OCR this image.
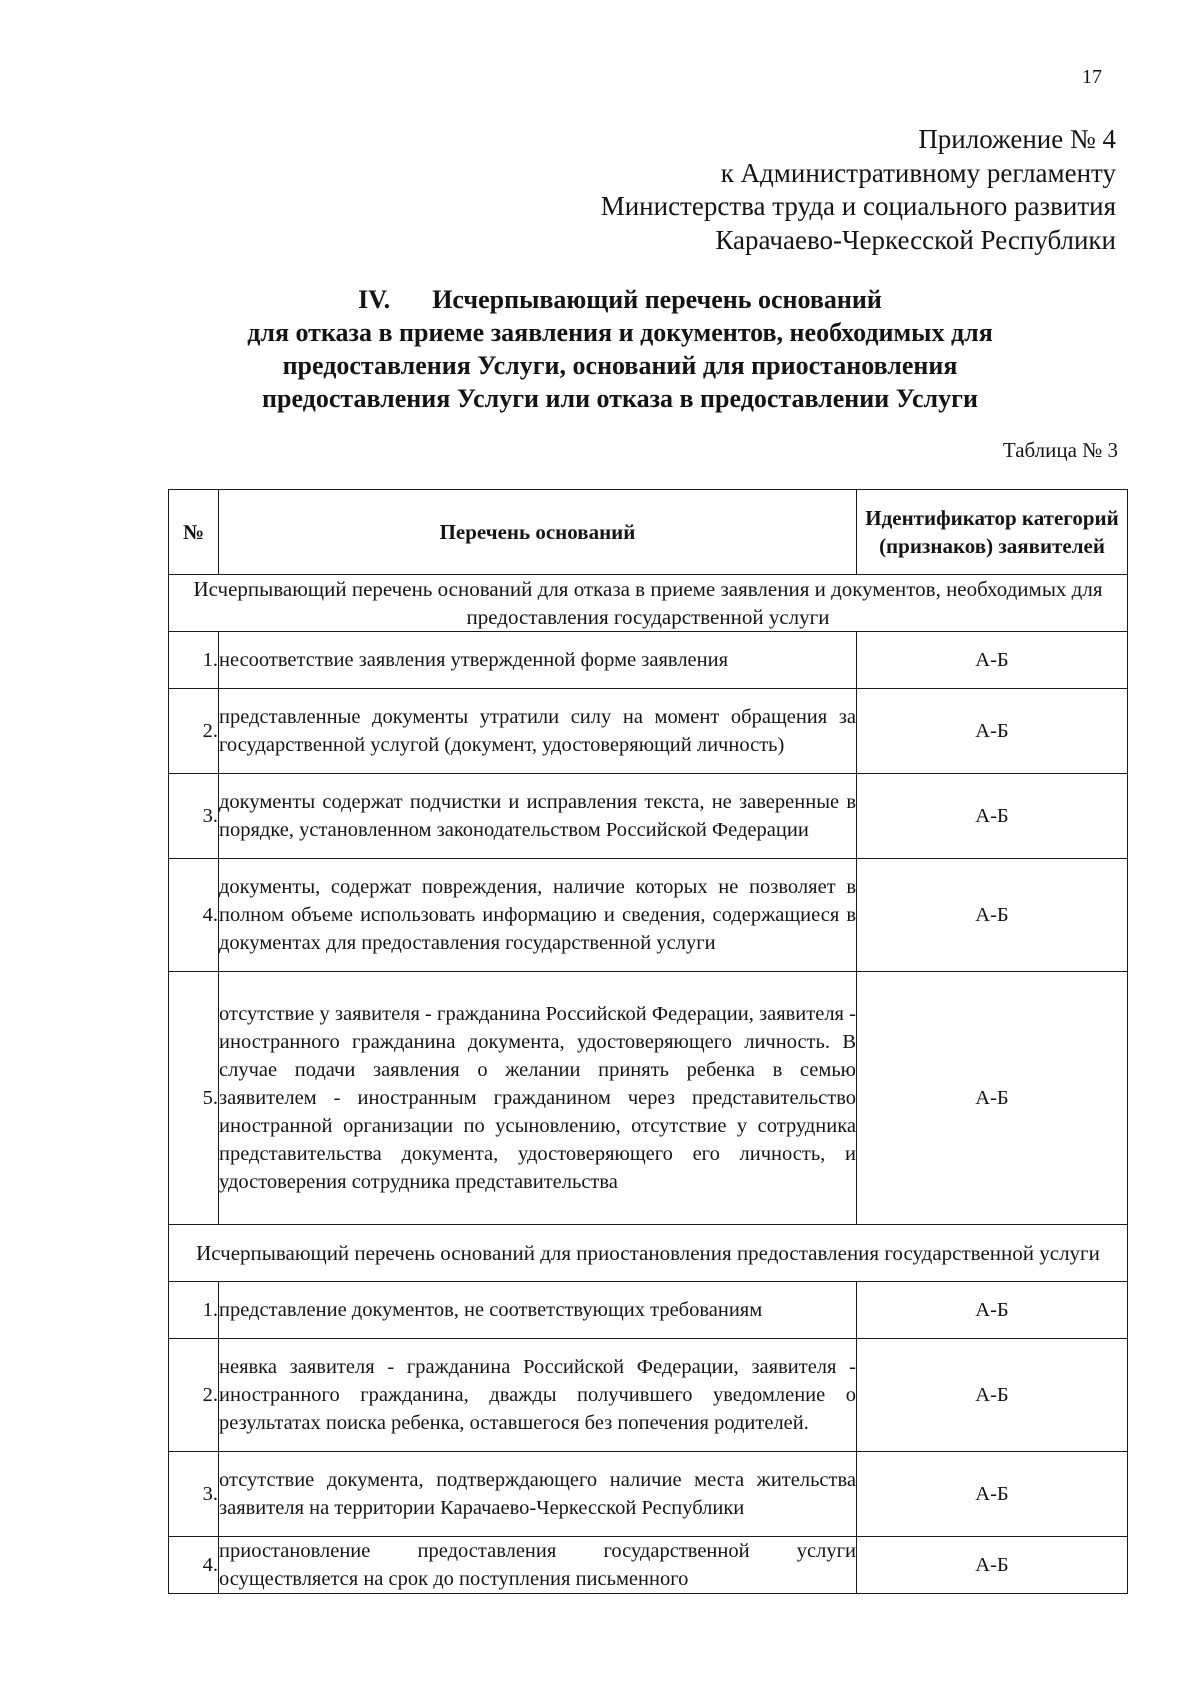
17
Приложение № 4
к Административному регламенту
Министерства труда и социального развития
Карачаево-Черкесской Республики
IV. Исчерпывающий перечень оснований
для отказа в приеме заявления и документов, необходимых для
предоставления Услуги, оснований для приостановления
предоставления Услуги или отказа в предоставлении Услуги
Таблица № 3
№	Перечень оснований	Идентификатор категорий (признаков) заявителей
Исчерпывающий перечень оснований для отказа в приеме заявления и документов, необходимых для предоставления государственной услуги		
1.	несоответствие заявления утвержденной форме заявления	А-Б
2.	представленные документы утратили силу на момент обращения за государственной услугой (документ, удостоверяющий личность)	А-Б
3.	документы содержат подчистки и исправления текста, не заверенные в порядке, установленном законодательством Российской Федерации	А-Б
4.	документы, содержат повреждения, наличие которых не позволяет в полном объеме использовать информацию и сведения, содержащиеся в документах для предоставления государственной услуги	А-Б
5.	отсутствие у заявителя - гражданина Российской Федерации, заявителя - иностранного гражданина документа, удостоверяющего личность. В случае подачи заявления о желании принять ребенка в семью заявителем - иностранным гражданином через представительство иностранной организации по усыновлению, отсутствие у сотрудника представительства документа, удостоверяющего его личность, и удостоверения сотрудника представительства	А-Б
Исчерпывающий перечень оснований для приостановления предоставления государственной услуги		
1.	представление документов, не соответствующих требованиям	А-Б
2.	неявка заявителя - гражданина Российской Федерации, заявителя - иностранного гражданина, дважды получившего уведомление о результатах поиска ребенка, оставшегося без попечения родителей.	А-Б
3.	отсутствие документа, подтверждающего наличие места жительства заявителя на территории Карачаево-Черкесской Республики	А-Б
4.	приостановление предоставления государственной услуги осуществляется на срок до поступления письменного	А-Б
